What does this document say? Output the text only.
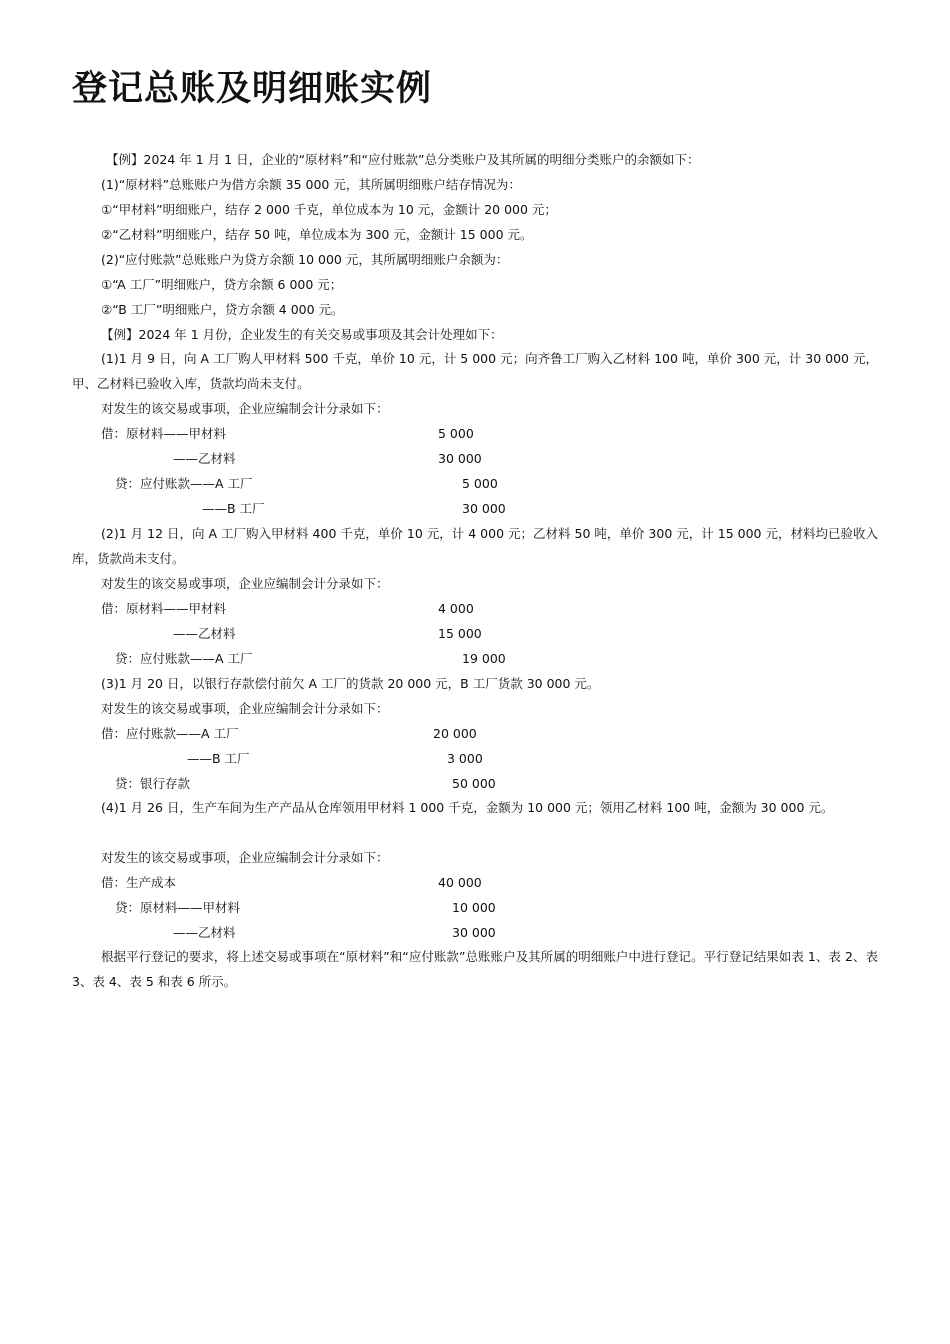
登记总账及明细账实例
【例】2024 年 1 月 1 日，企业的“原材料”和“应付账款”总分类账户及其所属的明细分类账户的余额如下：
(1)“原材料”总账账户为借方余额 35 000 元，其所属明细账户结存情况为：
①“甲材料”明细账户，结存 2 000 千克，单位成本为 10 元，金额计 20 000 元；
②“乙材料”明细账户，结存 50 吨，单位成本为 300 元，金额计 15 000 元。
(2)“应付账款”总账账户为贷方余额 10 000 元，其所属明细账户余额为：
①“A 工厂”明细账户，贷方余额 6 000 元；
②“B 工厂”明细账户，贷方余额 4 000 元。
【例】2024 年 1 月份，企业发生的有关交易或事项及其会计处理如下：
(1)1 月 9 日，向 A 工厂购人甲材料 500 千克，单价 10 元，计 5 000 元；向齐鲁工厂购入乙材料 100 吨，单价 300 元，计 30 000 元，甲、乙材料已验收入库，货款均尚未支付。
对发生的该交易或事项，企业应编制会计分录如下：
借：原材料——甲材料	5 000
——乙材料	30 000
贷：应付账款——A 工厂	5 000
——B 工厂	30 000
(2)1 月 12 日，向 A 工厂购入甲材料 400 千克，单价 10 元，计 4 000 元；乙材料 50 吨，单价 300 元，计 15 000 元，材料均已验收入库，货款尚未支付。
对发生的该交易或事项，企业应编制会计分录如下：
借：原材料——甲材料	4 000
——乙材料	15 000
贷：应付账款——A 工厂	19 000
(3)1 月 20 日，以银行存款偿付前欠 A 工厂的货款 20 000 元，B 工厂货款 30 000 元。
对发生的该交易或事项，企业应编制会计分录如下：
借：应付账款——A 工厂	20 000
——B 工厂	3 000
贷：银行存款	50 000
(4)1 月 26 日，生产车间为生产产品从仓库领用甲材料 1 000 千克，金额为 10 000 元；领用乙材料 100 吨，金额为 30 000 元。
对发生的该交易或事项，企业应编制会计分录如下：
借：生产成本	40 000
贷：原材料——甲材料	10 000
——乙材料	30 000
根据平行登记的要求，将上述交易或事项在“原材料”和“应付账款”总账账户及其所属的明细账户中进行登记。平行登记结果如表 1、表 2、表 3、表 4、表 5 和表 6 所示。
